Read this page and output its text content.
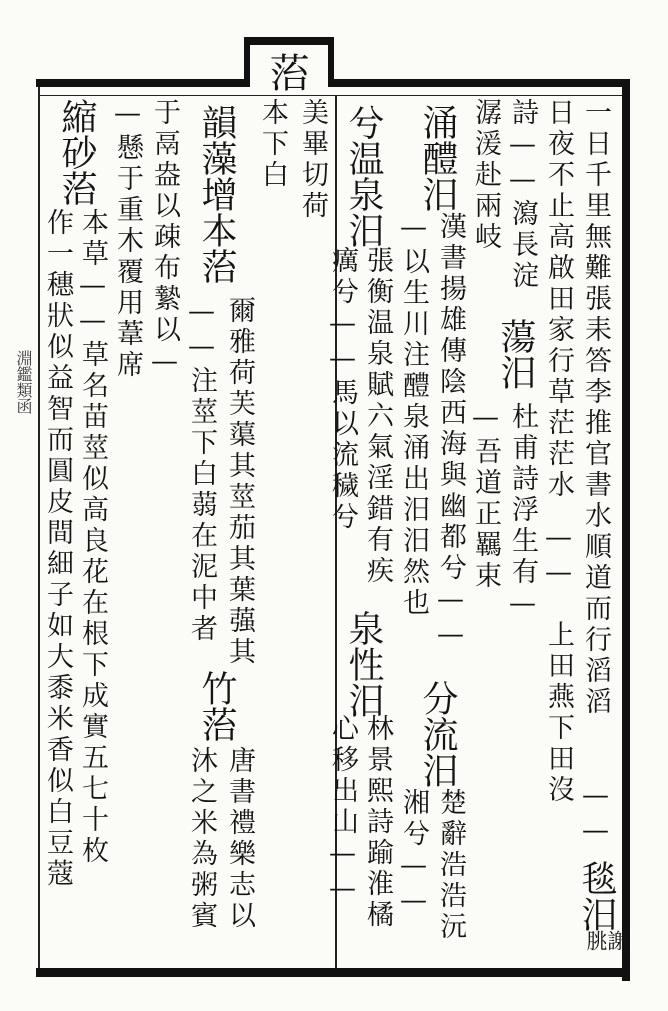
淵鑑類函
菭
美畢切荷
本下白	一日千里無難張耒答李推官書水順道而行滔滔
——
日夜不止高啟田家行草茫茫水
——
上田燕下田沒
毯汨
謝
朓
詩——瀉長淀
蕩汨
杜甫詩浮生有—
潺湲赴兩岐
—吾道正羈束
涌醴汨
漢書揚雄傳陰西海與幽都兮——
—以生川注醴泉涌出汨汨然也
分流汨
楚辭浩浩沅
湘兮——
兮温泉汨
張衡温泉賦六氣淫錯有疾
泉性汨
林景熙詩踰淮橘
癘兮——馬以流穢兮
心移出山——
韻藻增本菭
爾雅荷芙蕖其莖茄其葉蔃其
——注莖下白蒻在泥中者
竹菭
唐書禮樂志以
沐之米為粥賓
于鬲盎以疎布縶以—
—懸于重木覆用葦席
縮砂菭
本草——草名苗莖似高良花在根下成實五七十枚
作一穗狀似益智而圓皮間細子如大黍米香似白豆蔻
